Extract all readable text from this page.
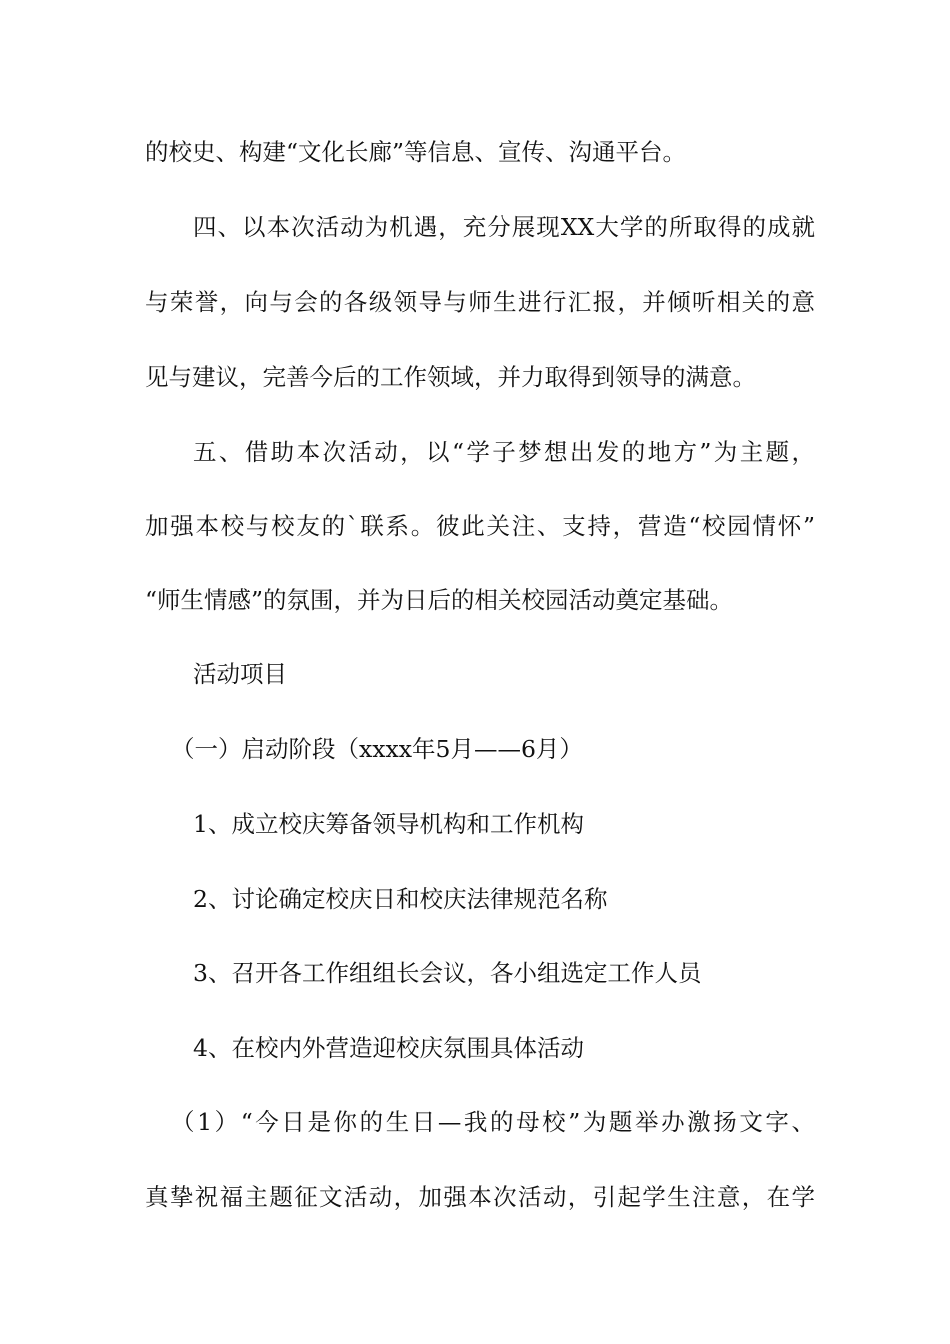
的校史、构建“文化长廊”等信息、宣传、沟通平台。
四、以本次活动为机遇，充分展现XX大学的所取得的成就
与荣誉，向与会的各级领导与师生进行汇报，并倾听相关的意
见与建议，完善今后的工作领域，并力取得到领导的满意。
五、借助本次活动，以“学子梦想出发的地方”为主题，
加强本校与校友的`联系。彼此关注、支持，营造“校园情怀”
“师生情感”的氛围，并为日后的相关校园活动奠定基础。
活动项目
（一）启动阶段（xxxx年5月——6月）
1、成立校庆筹备领导机构和工作机构
2、讨论确定校庆日和校庆法律规范名称
3、召开各工作组组长会议，各小组选定工作人员
4、在校内外营造迎校庆氛围具体活动
（1）“今日是你的生日—我的母校”为题举办激扬文字、
真挚祝福主题征文活动，加强本次活动，引起学生注意，在学
